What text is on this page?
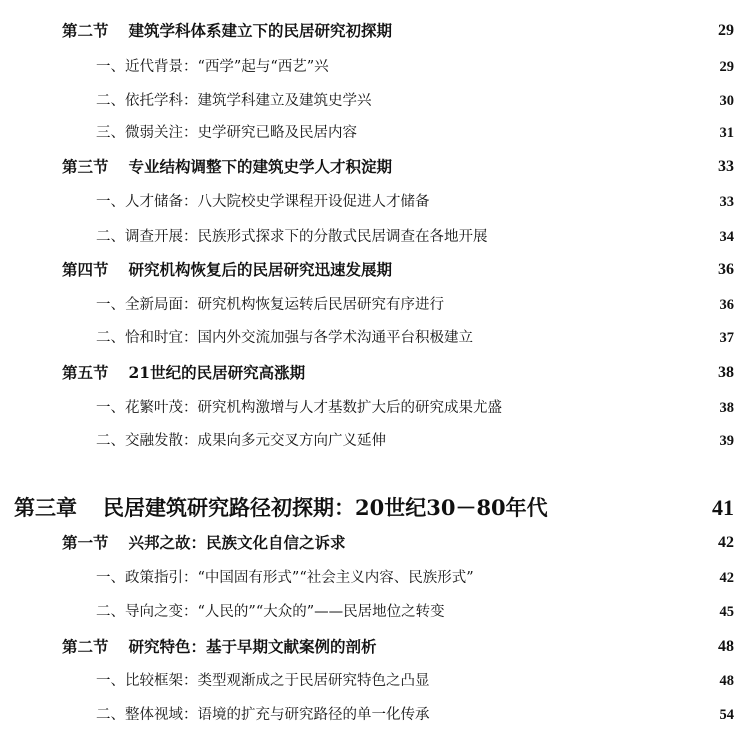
第二节 建筑学科体系建立下的民居研究初探期	29
一、近代背景：“西学”起与“西艺”兴	29
二、依托学科：建筑学科建立及建筑史学兴	30
三、微弱关注：史学研究已略及民居内容	31
第三节 专业结构调整下的建筑史学人才积淀期	33
一、人才储备：八大院校史学课程开设促进人才储备	33
二、调查开展：民族形式探求下的分散式民居调查在各地开展	34
第四节 研究机构恢复后的民居研究迅速发展期	36
一、全新局面：研究机构恢复运转后民居研究有序进行	36
二、恰和时宜：国内外交流加强与各学术沟通平台积极建立	37
第五节 21世纪的民居研究高涨期	38
一、花繁叶茂：研究机构激增与人才基数扩大后的研究成果尤盛	38
二、交融发散：成果向多元交叉方向广义延伸	39
第三章 民居建筑研究路径初探期：20世纪30－80年代	41
第一节 兴邦之故：民族文化自信之诉求	42
一、政策指引：“中国固有形式”“社会主义内容、民族形式”	42
二、导向之变：“人民的”“大众的”——民居地位之转变	45
第二节 研究特色：基于早期文献案例的剖析	48
一、比较框架：类型观渐成之于民居研究特色之凸显	48
二、整体视域：语境的扩充与研究路径的单一化传承	54
